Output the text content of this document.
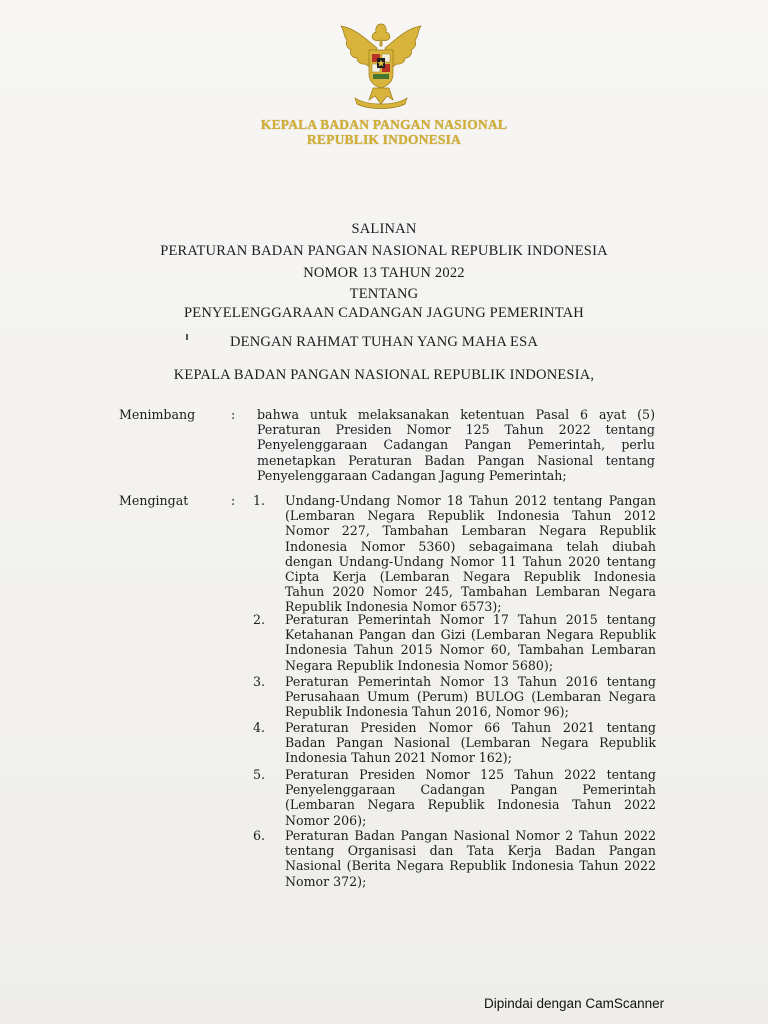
KEPALA BADAN PANGAN NASIONAL
REPUBLIK INDONESIA
SALINAN
PERATURAN BADAN PANGAN NASIONAL REPUBLIK INDONESIA
NOMOR 13 TAHUN 2022
TENTANG
PENYELENGGARAAN CADANGAN JAGUNG PEMERINTAH
DENGAN RAHMAT TUHAN YANG MAHA ESA
KEPALA BADAN PANGAN NASIONAL REPUBLIK INDONESIA,
Menimbang	: bahwa untuk melaksanakan ketentuan Pasal 6 ayat (5)
Peraturan Presiden Nomor 125 Tahun 2022 tentang
Penyelenggaraan Cadangan Pangan Pemerintah, perlu
menetapkan Peraturan Badan Pangan Nasional tentang
Penyelenggaraan Cadangan Jagung Pemerintah;
Mengingat	: 1.	Undang-Undang Nomor 18 Tahun 2012 tentang Pangan
(Lembaran Negara Republik Indonesia Tahun 2012
Nomor 227, Tambahan Lembaran Negara Republik
Indonesia Nomor 5360) sebagaimana telah diubah
dengan Undang-Undang Nomor 11 Tahun 2020 tentang
Cipta Kerja (Lembaran Negara Republik Indonesia
Tahun 2020 Nomor 245, Tambahan Lembaran Negara
Republik Indonesia Nomor 6573);
2.	Peraturan Pemerintah Nomor 17 Tahun 2015 tentang
Ketahanan Pangan dan Gizi (Lembaran Negara Republik
Indonesia Tahun 2015 Nomor 60, Tambahan Lembaran
Negara Republik Indonesia Nomor 5680);
3.	Peraturan Pemerintah Nomor 13 Tahun 2016 tentang
Perusahaan Umum (Perum) BULOG (Lembaran Negara
Republik Indonesia Tahun 2016, Nomor 96);
4.	Peraturan Presiden Nomor 66 Tahun 2021 tentang
Badan Pangan Nasional (Lembaran Negara Republik
Indonesia Tahun 2021 Nomor 162);
5.	Peraturan Presiden Nomor 125 Tahun 2022 tentang
Penyelenggaraan Cadangan Pangan Pemerintah
(Lembaran Negara Republik Indonesia Tahun 2022
Nomor 206);
6.	Peraturan Badan Pangan Nasional Nomor 2 Tahun 2022
tentang Organisasi dan Tata Kerja Badan Pangan
Nasional (Berita Negara Republik Indonesia Tahun 2022
Nomor 372);
Dipindai dengan CamScanner
